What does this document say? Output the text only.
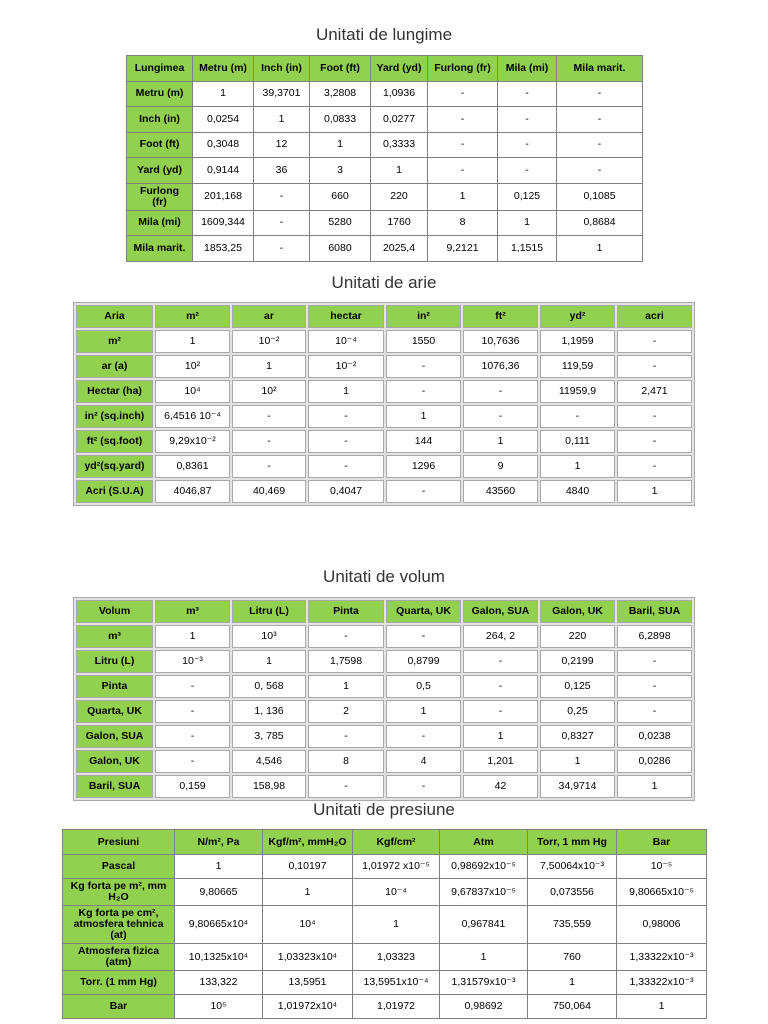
Unitati de lungime
Lungimea	Metru (m)	Inch (in)	Foot (ft)	Yard (yd)	Furlong (fr)	Mila (mi)	Mila marit.
Metru (m)	1	39,3701	3,2808	1,0936	-	-	-
Inch (in)	0,0254	1	0,0833	0,0277	-	-	-
Foot (ft)	0,3048	12	1	0,3333	-	-	-
Yard (yd)	0,9144	36	3	1	-	-	-
Furlong (fr)	201,168	-	660	220	1	0,125	0,1085
Mila (mi)	1609,344	-	5280	1760	8	1	0,8684
Mila marit.	1853,25	-	6080	2025,4	9,2121	1,1515	1
Unitati de arie
Aria	m²	ar	hectar	in²	ft²	yd²	acri
m²	1	10⁻²	10⁻⁴	1550	10,7636	1,1959	-
ar (a)	10²	1	10⁻²	-	1076,36	119,59	-
Hectar (ha)	10⁴	10²	1	-	-	11959,9	2,471
in² (sq.inch)	6,4516 10⁻⁴	-	-	1	-	-	-
ft² (sq.foot)	9,29x10⁻²	-	-	144	1	0,111	-
yd²(sq.yard)	0,8361	-	-	1296	9	1	-
Acri (S.U.A)	4046,87	40,469	0,4047	-	43560	4840	1
Unitati de volum
Volum	m³	Litru (L)	Pinta	Quarta, UK	Galon, SUA	Galon, UK	Baril, SUA
m³	1	10³	-	-	264, 2	220	6,2898
Litru (L)	10⁻³	1	1,7598	0,8799	-	0,2199	-
Pinta	-	0, 568	1	0,5	-	0,125	-
Quarta, UK	-	1, 136	2	1	-	0,25	-
Galon, SUA	-	3, 785	-	-	1	0,8327	0,0238
Galon, UK	-	4,546	8	4	1,201	1	0,0286
Baril, SUA	0,159	158,98	-	-	42	34,9714	1
Unitati de presiune
Presiuni	N/m², Pa	Kgf/m², mmH₂O	Kgf/cm²	Atm	Torr, 1 mm Hg	Bar
Pascal	1	0,10197	1,01972 x10⁻⁵	0,98692x10⁻⁵	7,50064x10⁻³	10⁻⁵
Kg forta pe m², mm H₂O	9,80665	1	10⁻⁴	9,67837x10⁻⁵	0,073556	9,80665x10⁻⁵
Kg forta pe cm², atmosfera tehnica (at)	9,80665x10⁴	10⁴	1	0,967841	735,559	0,98006
Atmosfera fizica (atm)	10,1325x10⁴	1,03323x10⁴	1,03323	1	760	1,33322x10⁻³
Torr. (1 mm Hg)	133,322	13,5951	13,5951x10⁻⁴	1,31579x10⁻³	1	1,33322x10⁻³
Bar	10⁵	1,01972x10⁴	1,01972	0,98692	750,064	1
